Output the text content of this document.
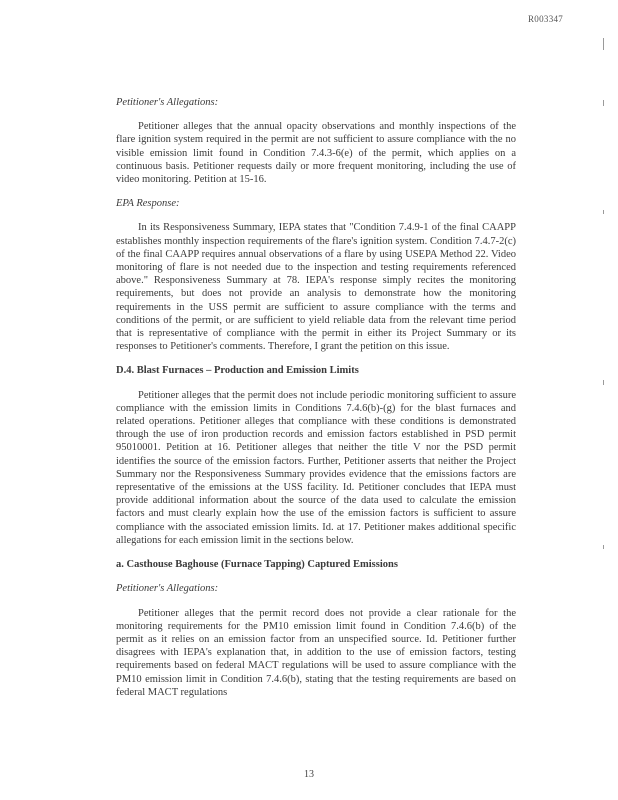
R003347
Petitioner's Allegations:

Petitioner alleges that the annual opacity observations and monthly inspections of the flare ignition system required in the permit are not sufficient to assure compliance with the no visible emission limit found in Condition 7.4.3-6(e) of the permit, which applies on a continuous basis. Petitioner requests daily or more frequent monitoring, including the use of video monitoring. Petition at 15-16.

EPA Response:

In its Responsiveness Summary, IEPA states that "Condition 7.4.9-1 of the final CAAPP establishes monthly inspection requirements of the flare's ignition system. Condition 7.4.7-2(c) of the final CAAPP requires annual observations of a flare by using USEPA Method 22. Video monitoring of flare is not needed due to the inspection and testing requirements referenced above." Responsiveness Summary at 78. IEPA's response simply recites the monitoring requirements, but does not provide an analysis to demonstrate how the monitoring requirements in the USS permit are sufficient to assure compliance with the terms and conditions of the permit, or are sufficient to yield reliable data from the relevant time period that is representative of compliance with the permit in either its Project Summary or its responses to Petitioner's comments. Therefore, I grant the petition on this issue.

D.4. Blast Furnaces – Production and Emission Limits

Petitioner alleges that the permit does not include periodic monitoring sufficient to assure compliance with the emission limits in Conditions 7.4.6(b)-(g) for the blast furnaces and related operations. Petitioner alleges that compliance with these conditions is demonstrated through the use of iron production records and emission factors established in PSD permit 95010001. Petition at 16. Petitioner alleges that neither the title V nor the PSD permit identifies the source of the emission factors. Further, Petitioner asserts that neither the Project Summary nor the Responsiveness Summary provides evidence that the emissions factors are representative of the emissions at the USS facility. Id. Petitioner concludes that IEPA must provide additional information about the source of the data used to calculate the emission factors and must clearly explain how the use of the emission factors is sufficient to assure compliance with the associated emission limits. Id. at 17. Petitioner makes additional specific allegations for each emission limit in the sections below.

a. Casthouse Baghouse (Furnace Tapping) Captured Emissions
Petitioner's Allegations:

Petitioner alleges that the permit record does not provide a clear rationale for the monitoring requirements for the PM10 emission limit found in Condition 7.4.6(b) of the permit as it relies on an emission factor from an unspecified source. Id. Petitioner further disagrees with IEPA's explanation that, in addition to the use of emission factors, testing requirements based on federal MACT regulations will be used to assure compliance with the PM10 emission limit in Condition 7.4.6(b), stating that the testing requirements are based on federal MACT regulations

13
